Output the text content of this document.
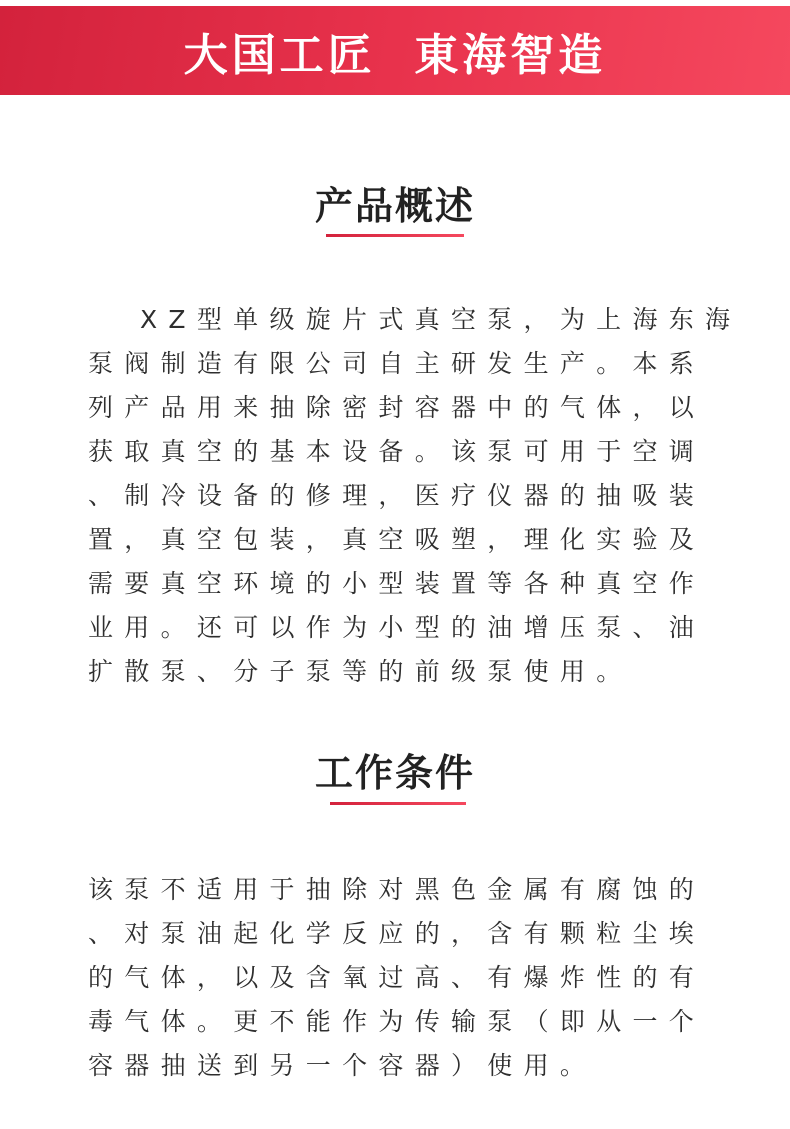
大国工匠  東海智造
产品概述
XZ型单级旋片式真空泵，为上海东海
泵阀制造有限公司自主研发生产。本系
列产品用来抽除密封容器中的气体，以
获取真空的基本设备。该泵可用于空调
、制冷设备的修理，医疗仪器的抽吸装
置，真空包装，真空吸塑，理化实验及
需要真空环境的小型装置等各种真空作
业用。还可以作为小型的油增压泵、油
扩散泵、分子泵等的前级泵使用。
工作条件
该泵不适用于抽除对黑色金属有腐蚀的
、对泵油起化学反应的，含有颗粒尘埃
的气体，以及含氧过高、有爆炸性的有
毒气体。更不能作为传输泵（即从一个
容器抽送到另一个容器）使用。
